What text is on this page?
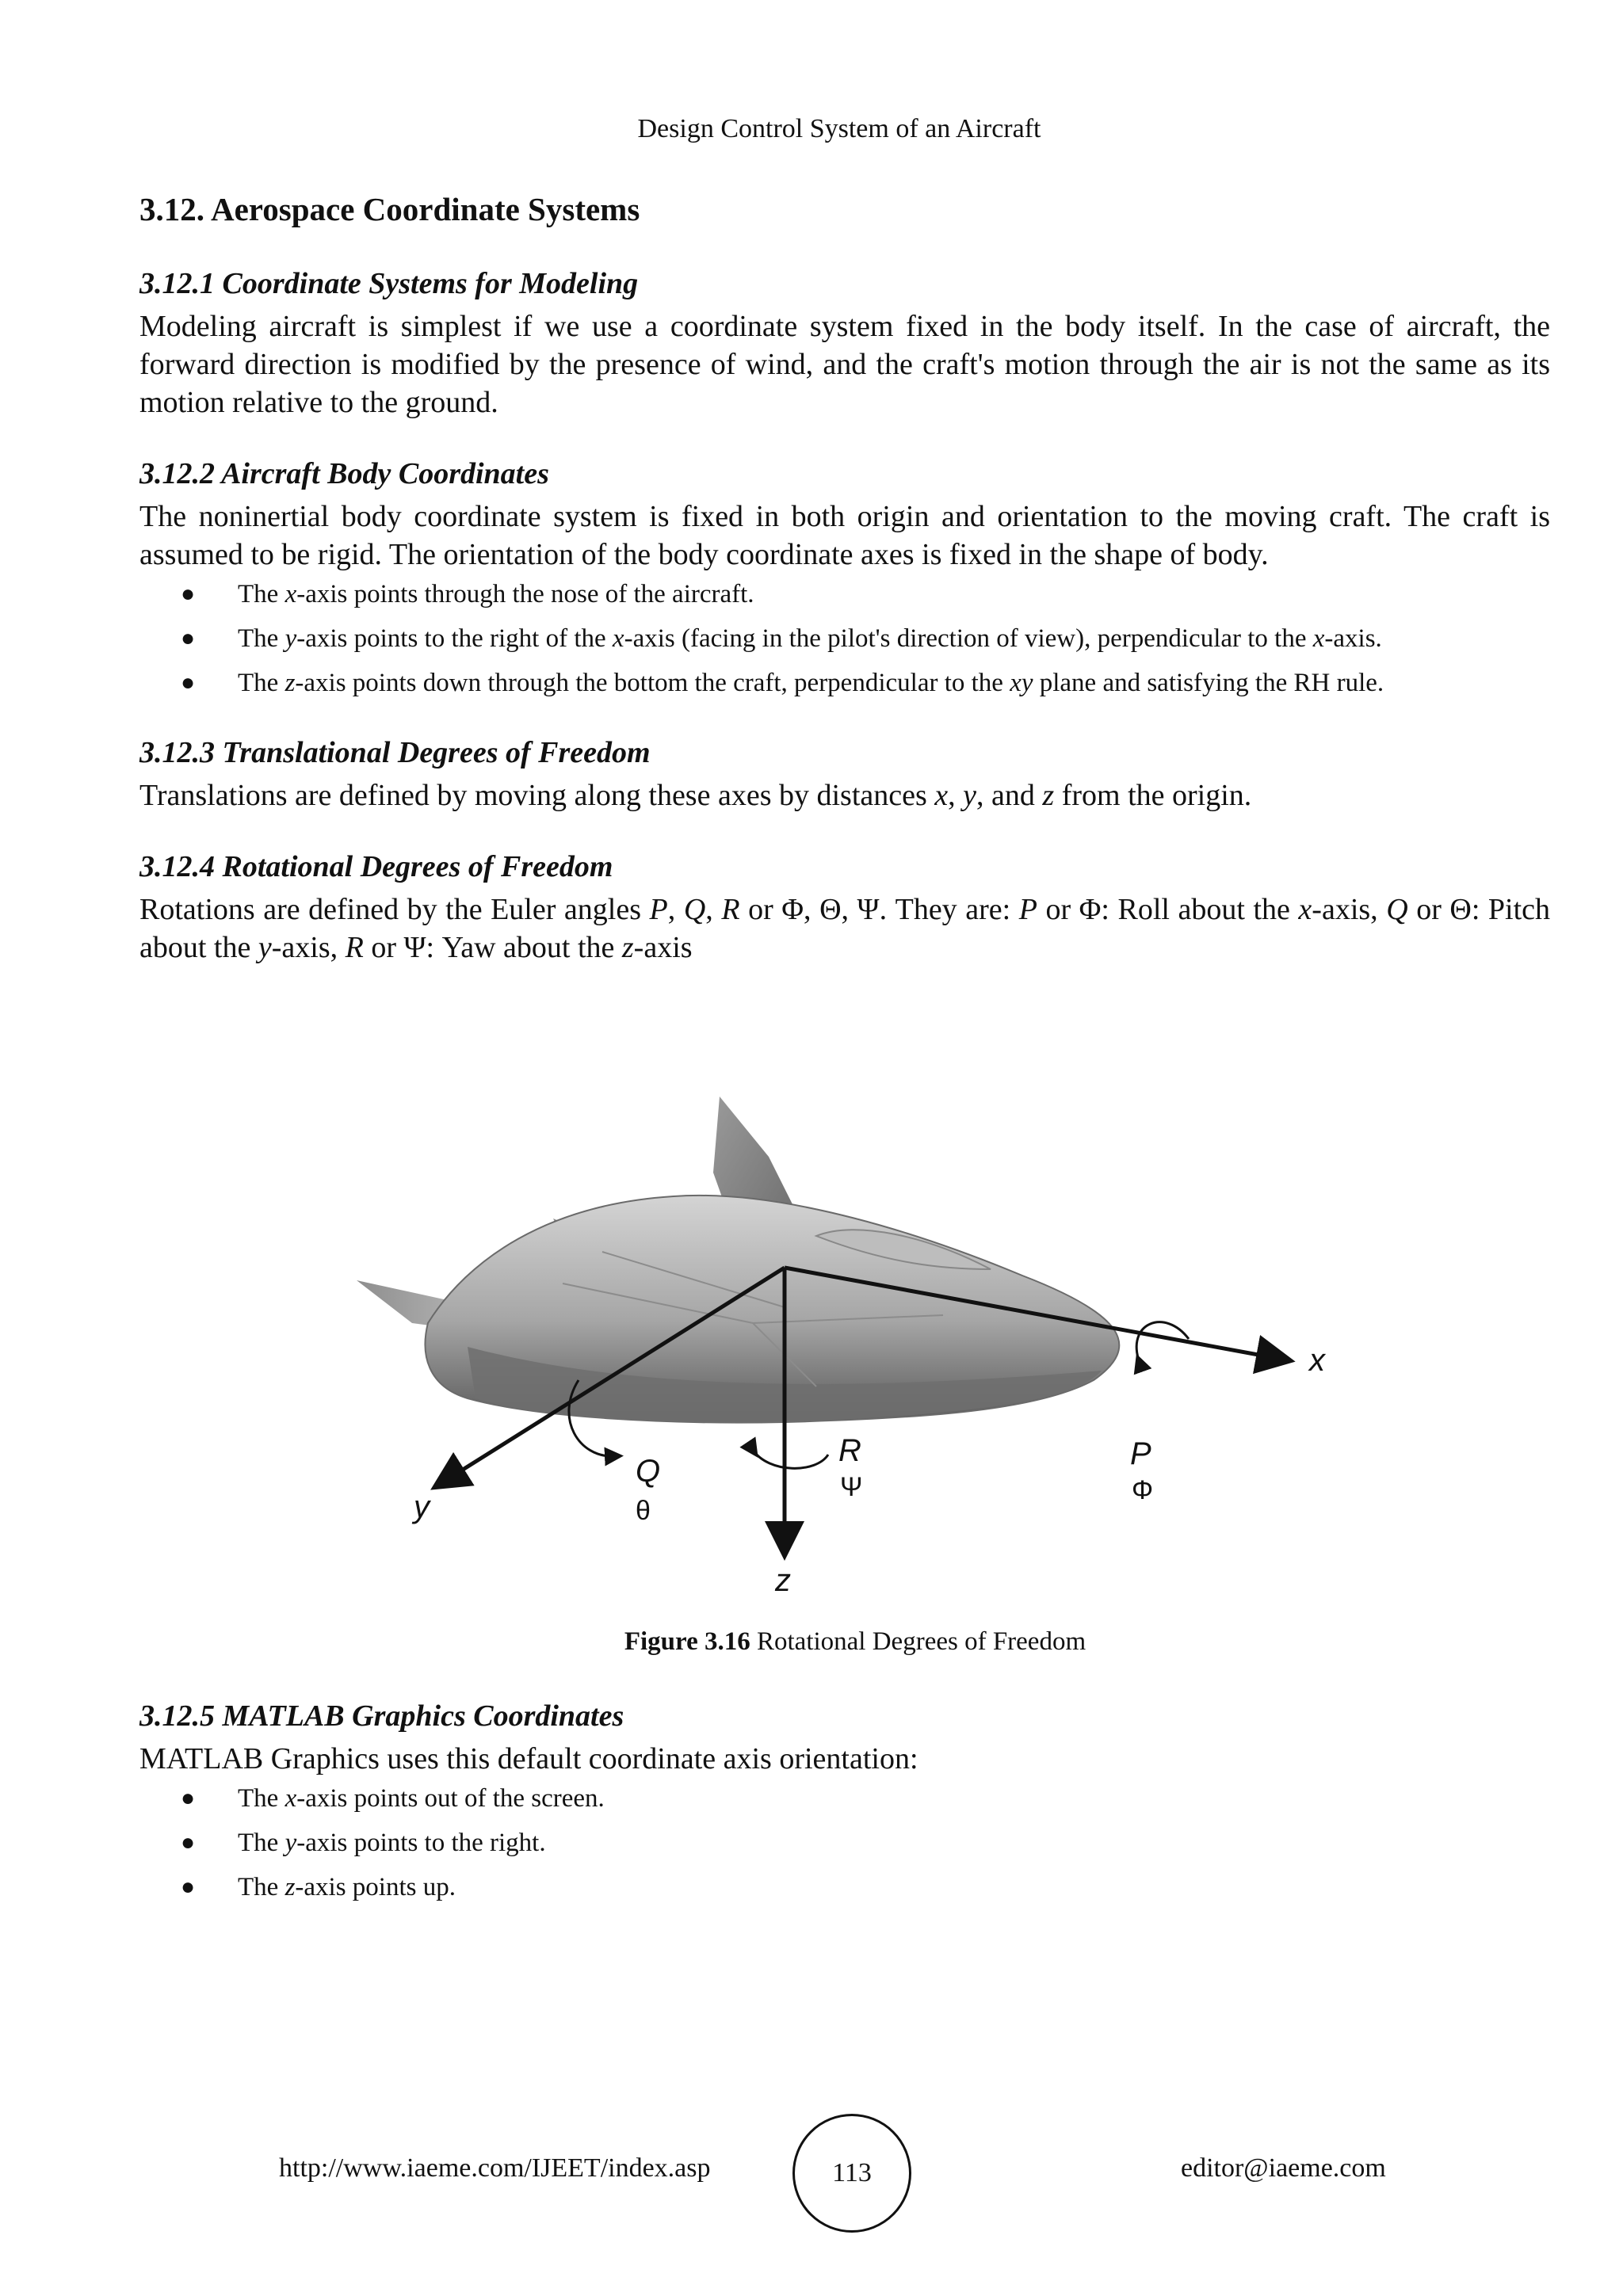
Design Control System of an Aircraft
3.12. Aerospace Coordinate Systems
3.12.1 Coordinate Systems for Modeling

Modeling aircraft is simplest if we use a coordinate system fixed in the body itself. In the case of aircraft, the forward direction is modified by the presence of wind, and the craft's motion through the air is not the same as its motion relative to the ground.

3.12.2 Aircraft Body Coordinates

The noninertial body coordinate system is fixed in both origin and orientation to the moving craft. The craft is assumed to be rigid. The orientation of the body coordinate axes is fixed in the shape of body.

● The x-axis points through the nose of the aircraft.
● The y-axis points to the right of the x-axis (facing in the pilot's direction of view), perpendicular to the x-axis.
● The z-axis points down through the bottom the craft, perpendicular to the xy plane and satisfying the RH rule.
3.12.3 Translational Degrees of Freedom

Translations are defined by moving along these axes by distances x, y, and z from the origin.

3.12.4 Rotational Degrees of Freedom

Rotations are defined by the Euler angles P, Q, R or Φ, Θ, Ψ. They are: P or Φ: Roll about the x-axis, Q or Θ: Pitch about the y-axis, R or Ψ: Yaw about the z-axis

x
y
z
Q
θ
R
Ψ
P
Φ
Figure 3.16 Rotational Degrees of Freedom
3.12.5 MATLAB Graphics Coordinates

MATLAB Graphics uses this default coordinate axis orientation:

● The x-axis points out of the screen.
● The y-axis points to the right.
● The z-axis points up.
http://www.iaeme.com/IJEET/index.asp	113	editor@iaeme.com
